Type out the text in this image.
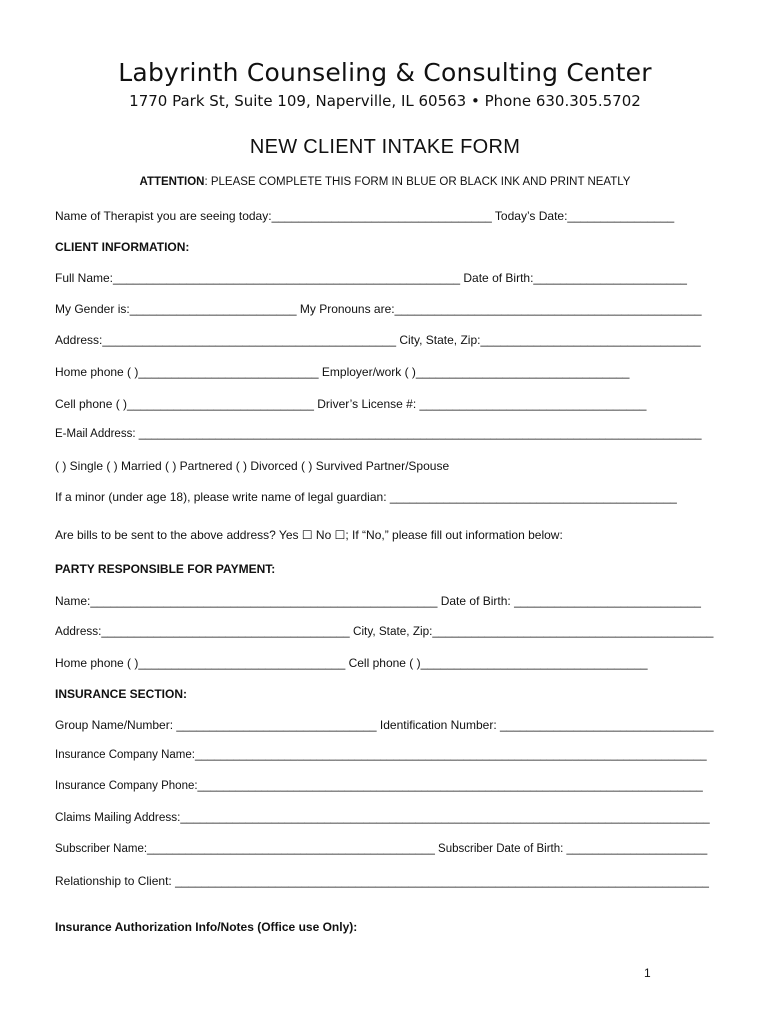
Labyrinth Counseling & Consulting Center
1770 Park St, Suite 109, Naperville, IL 60563 • Phone 630.305.5702
NEW CLIENT INTAKE FORM
ATTENTION: PLEASE COMPLETE THIS FORM IN BLUE OR BLACK INK AND PRINT NEATLY
Name of Therapist you are seeing today:_________________________________ Today’s Date:________________
CLIENT INFORMATION:
Full Name:____________________________________________________ Date of Birth:_______________________
My Gender is:_________________________ My Pronouns are:______________________________________________
Address:____________________________________________ City, State, Zip:_________________________________
Home phone ( )___________________________ Employer/work ( )________________________________
Cell phone ( )____________________________ Driver’s License #: __________________________________
E-Mail Address: ________________________________________________________________________________________
( ) Single ( ) Married ( ) Partnered ( ) Divorced ( ) Survived Partner/Spouse
If a minor (under age 18), please write name of legal guardian: ___________________________________________
Are bills to be sent to the above address? Yes ☐ No ☐; If “No,” please fill out information below:
PARTY RESPONSIBLE FOR PAYMENT:
Name:____________________________________________________ Date of Birth: ____________________________
Address:______________________________________ City, State, Zip:___________________________________________
Home phone ( )_______________________________ Cell phone ( )__________________________________
INSURANCE SECTION:
Group Name/Number: ______________________________ Identification Number: ________________________________
Insurance Company Name:________________________________________________________________________________
Insurance Company Phone:_______________________________________________________________________________
Claims Mailing Address:_________________________________________________________________________________
Subscriber Name:_____________________________________________ Subscriber Date of Birth: ______________________
Relationship to Client: ________________________________________________________________________________
Insurance Authorization Info/Notes (Office use Only):
1
